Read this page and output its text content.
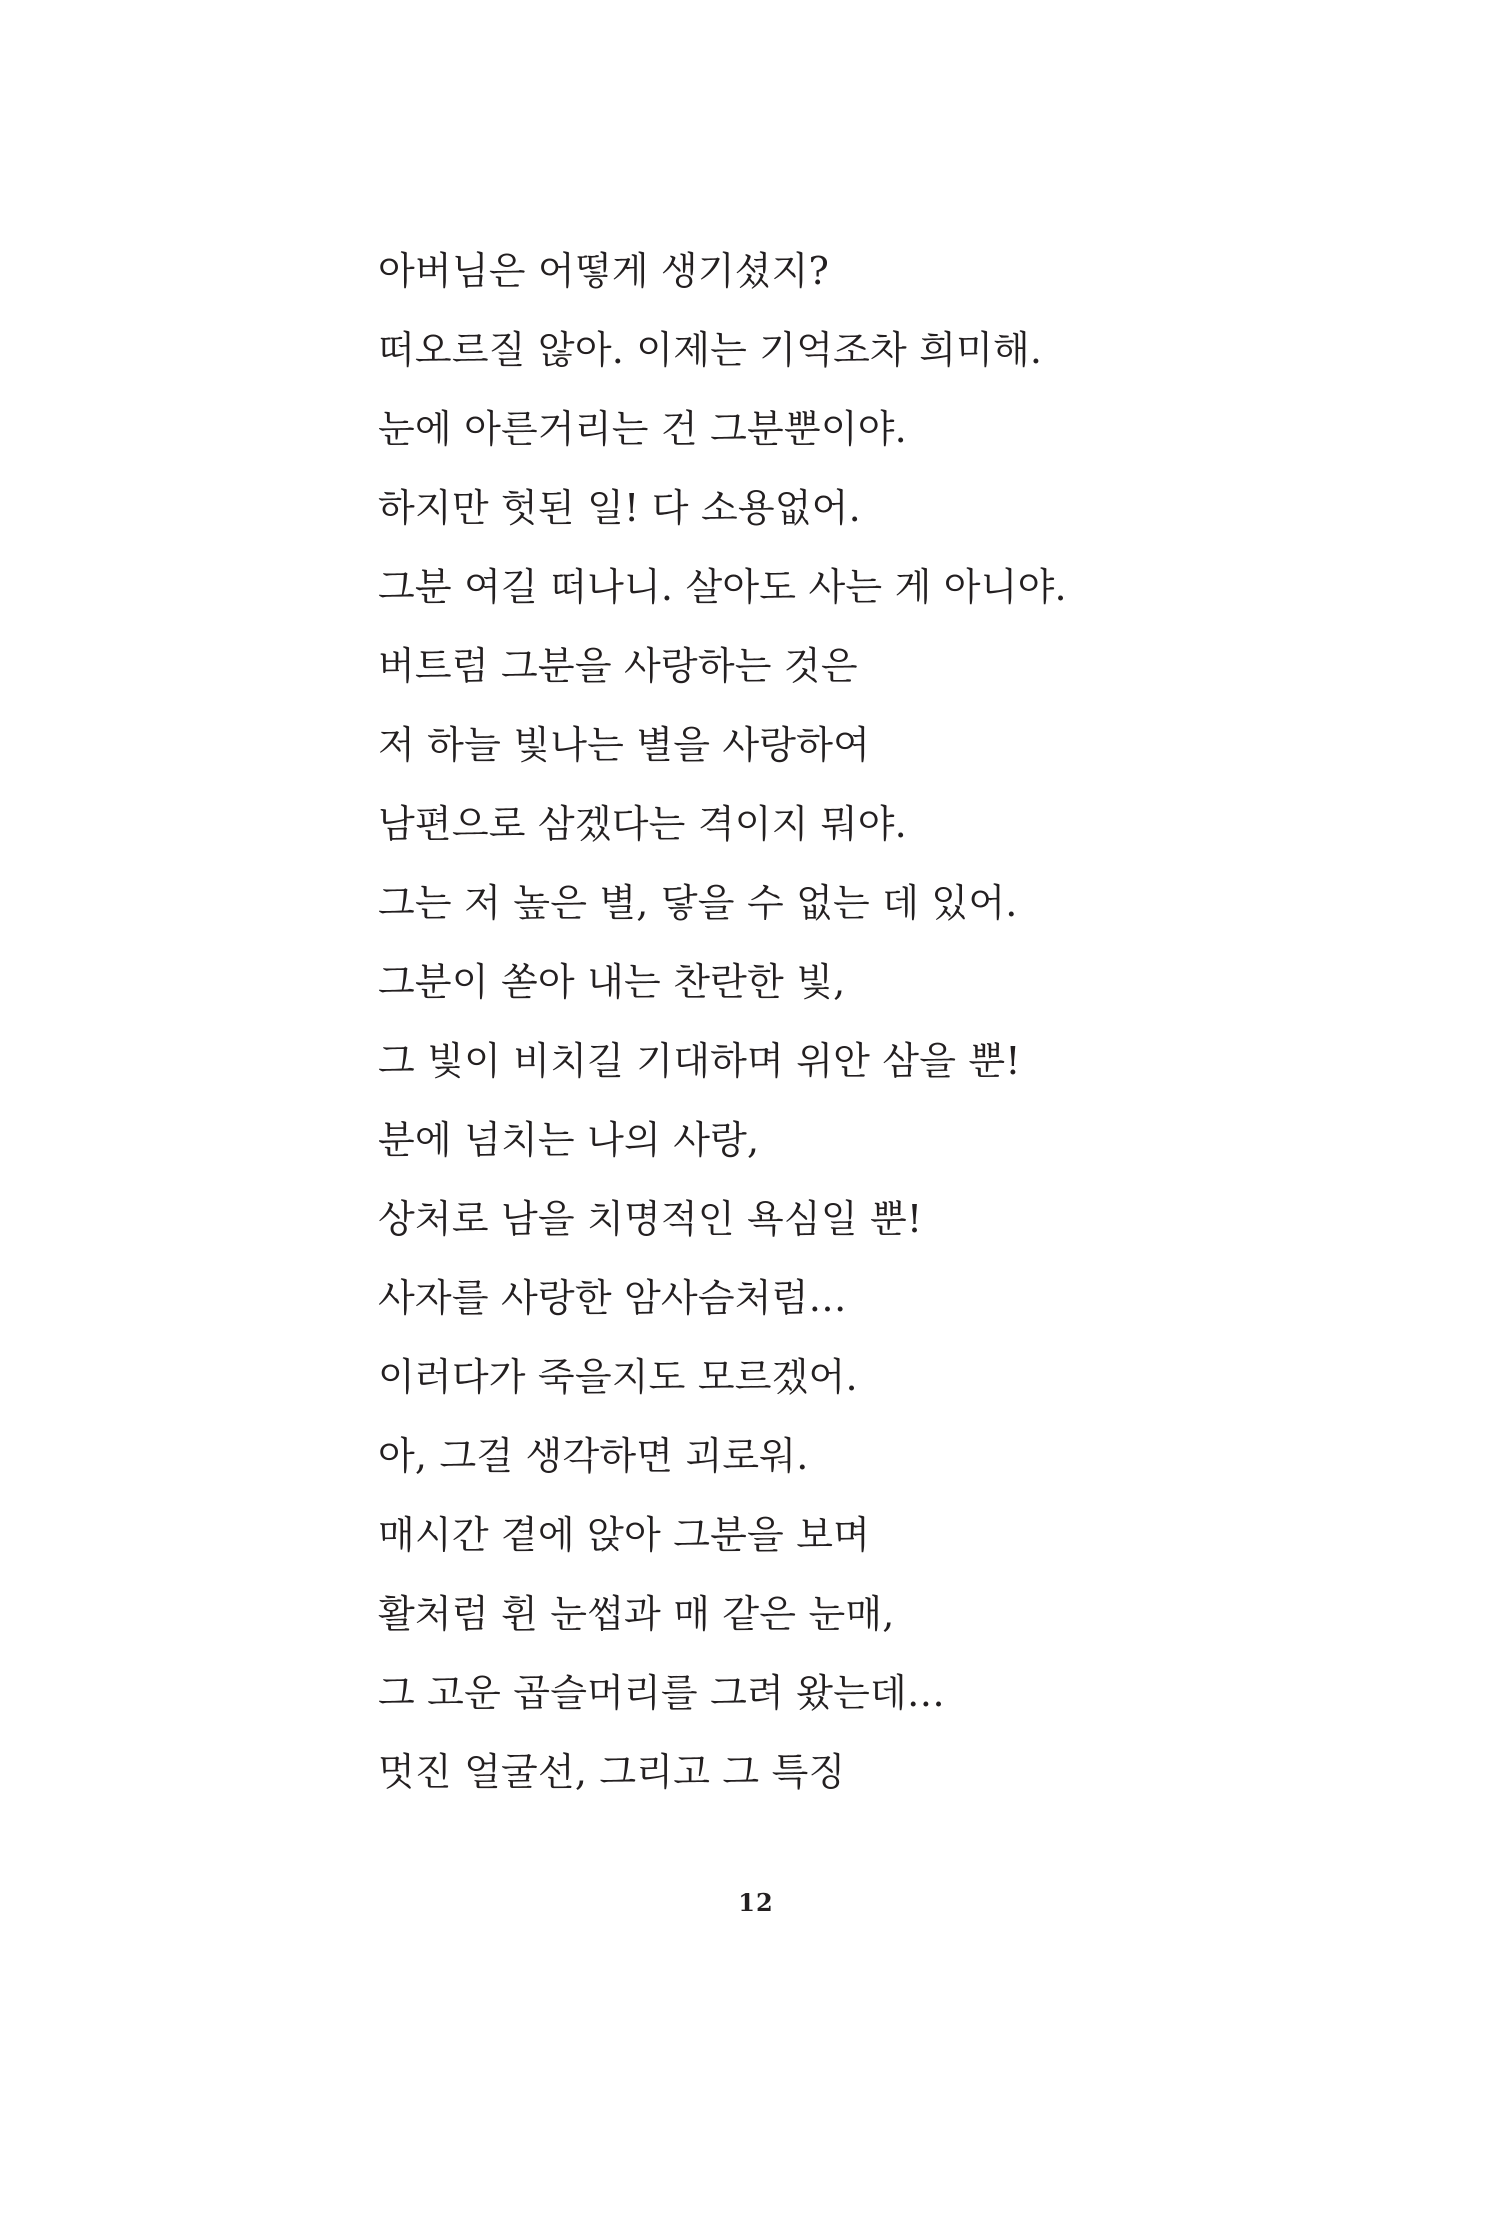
아버님은 어떻게 생기셨지?
떠오르질 않아. 이제는 기억조차 희미해.
눈에 아른거리는 건 그분뿐이야.
하지만 헛된 일! 다 소용없어.
그분 여길 떠나니. 살아도 사는 게 아니야.
버트럼 그분을 사랑하는 것은
저 하늘 빛나는 별을 사랑하여
남편으로 삼겠다는 격이지 뭐야.
그는 저 높은 별, 닿을 수 없는 데 있어.
그분이 쏟아 내는 찬란한 빛,
그 빛이 비치길 기대하며 위안 삼을 뿐!
분에 넘치는 나의 사랑,
상처로 남을 치명적인 욕심일 뿐!
사자를 사랑한 암사슴처럼…
이러다가 죽을지도 모르겠어.
아, 그걸 생각하면 괴로워.
매시간 곁에 앉아 그분을 보며
활처럼 휜 눈썹과 매 같은 눈매,
그 고운 곱슬머리를 그려 왔는데…
멋진 얼굴선, 그리고 그 특징
12
